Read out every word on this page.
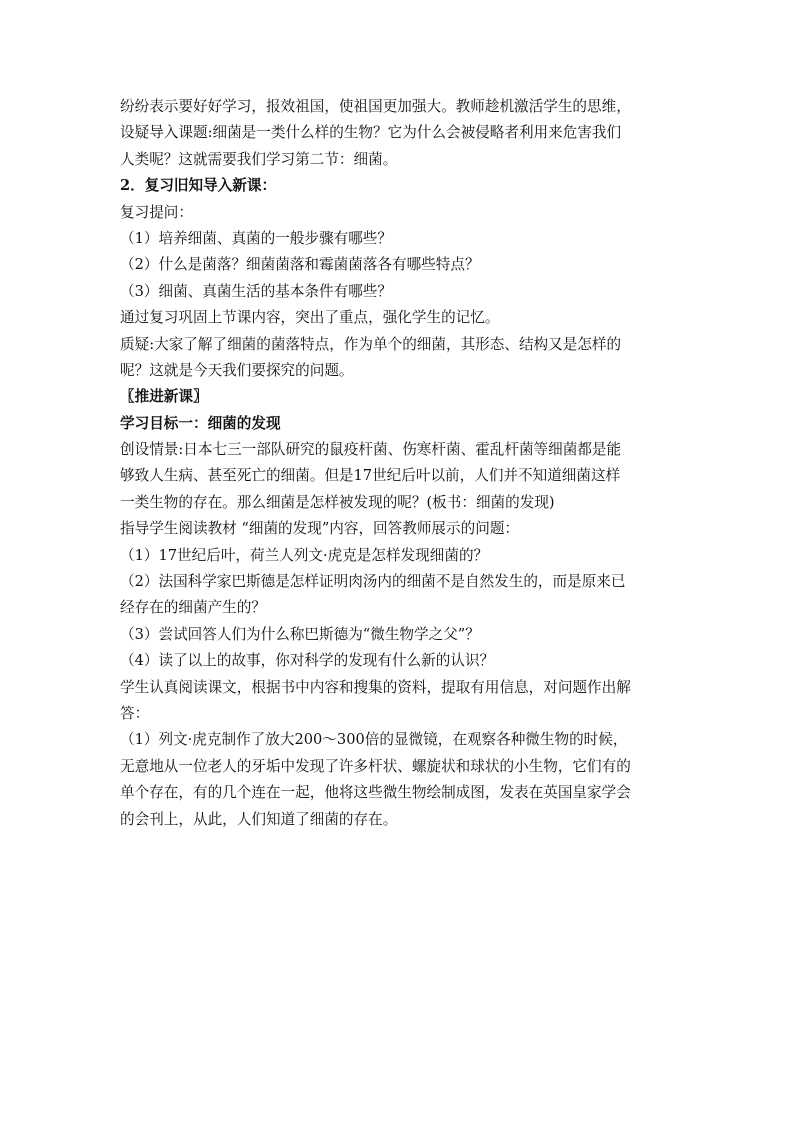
纷纷表示要好好学习，报效祖国，使祖国更加强大。教师趁机激活学生的思维，
设疑导入课题:细菌是一类什么样的生物？它为什么会被侵略者利用来危害我们
人类呢？这就需要我们学习第二节：细菌。
2．复习旧知导入新课：
复习提问：
（1）培养细菌、真菌的一般步骤有哪些？
（2）什么是菌落？细菌菌落和霉菌菌落各有哪些特点？
（3）细菌、真菌生活的基本条件有哪些？
通过复习巩固上节课内容，突出了重点，强化学生的记忆。
质疑:大家了解了细菌的菌落特点，作为单个的细菌，其形态、结构又是怎样的
呢？这就是今天我们要探究的问题。
〖推进新课〗
学习目标一：细菌的发现
创设情景:日本七三一部队研究的鼠疫杆菌、伤寒杆菌、霍乱杆菌等细菌都是能
够致人生病、甚至死亡的细菌。但是17世纪后叶以前，人们并不知道细菌这样
一类生物的存在。那么细菌是怎样被发现的呢？(板书：细菌的发现)
指导学生阅读教材 “细菌的发现”内容，回答教师展示的问题：
（1）17世纪后叶，荷兰人列文·虎克是怎样发现细菌的？
（2）法国科学家巴斯德是怎样证明肉汤内的细菌不是自然发生的，而是原来已
经存在的细菌产生的？
（3）尝试回答人们为什么称巴斯德为“微生物学之父”？
（4）读了以上的故事，你对科学的发现有什么新的认识？
学生认真阅读课文，根据书中内容和搜集的资料，提取有用信息，对问题作出解
答：
（1）列文·虎克制作了放大200～300倍的显微镜，在观察各种微生物的时候，
无意地从一位老人的牙垢中发现了许多杆状、螺旋状和球状的小生物，它们有的
单个存在，有的几个连在一起，他将这些微生物绘制成图，发表在英国皇家学会
的会刊上，从此，人们知道了细菌的存在。
